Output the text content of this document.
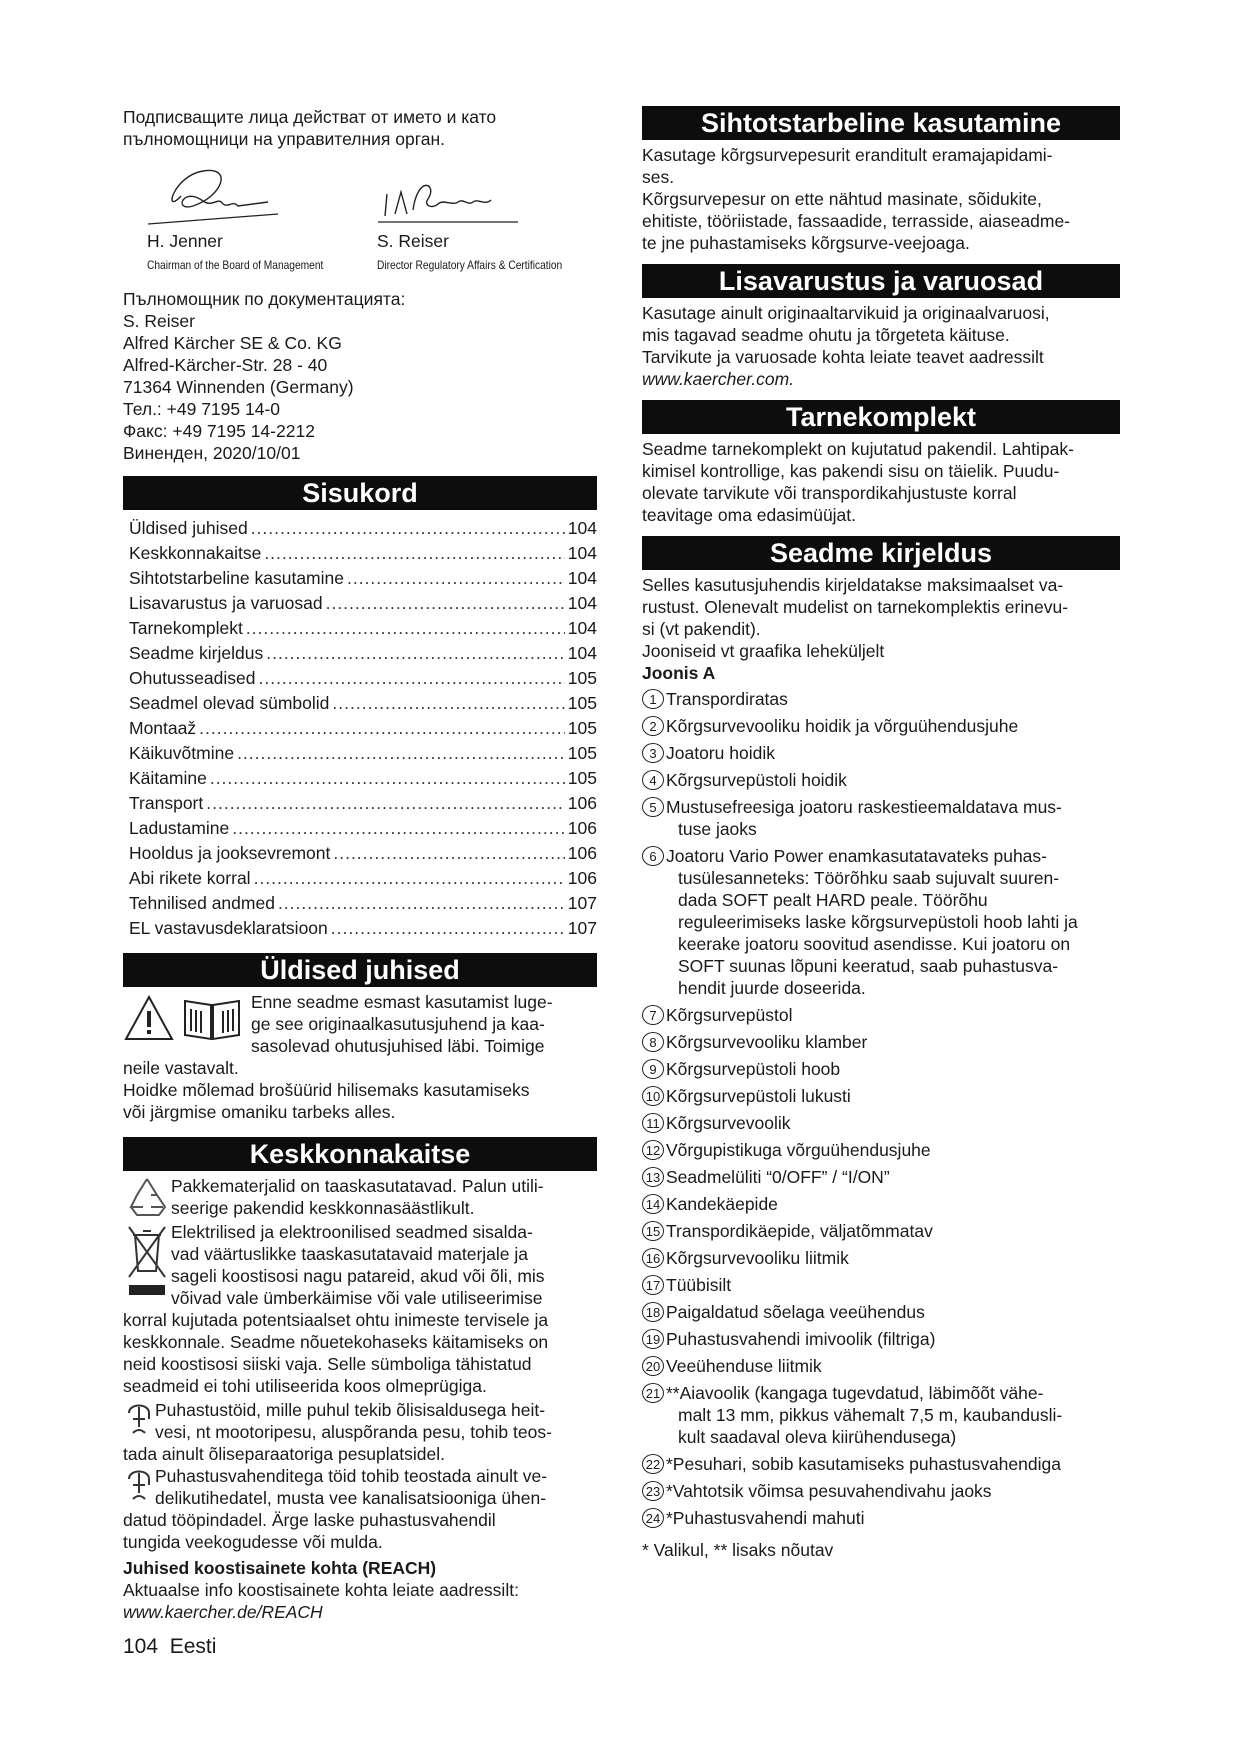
Подписващите лица действат от името и като

пълномощници на управителния орган.

H. Jenner
Chairman of the Board of Management
S. Reiser
Director Regulatory Affairs & Certification

Пълномощник по документацията:

S. Reiser

Alfred Kärcher SE & Co. KG

Alfred-Kärcher-Str. 28 - 40

71364 Winnenden (Germany)

Тел.: +49 7195 14-0

Факс: +49 7195 14-2212

Виненден, 2020/10/01

Sisukord
Üldised juhised .....	104
Keskkonnakaitse .....	104
Sihtotstarbeline kasutamine .....	104
Lisavarustus ja varuosad .....	104
Tarnekomplekt .....	104
Seadme kirjeldus .....	104
Ohutusseadised .....	105
Seadmel olevad sümbolid .....	105
Montaaž .....	105
Käikuvõtmine .....	105
Käitamine .....	105
Transport .....	106
Ladustamine .....	106
Hooldus ja jooksevremont .....	106
Abi rikete korral .....	106
Tehnilised andmed .....	107
EL vastavusdeklaratsioon .....	107
Üldised juhised

Enne seadme esmast kasutamist luge-

ge see originaalkasutusjuhend ja kaa-

sasolevad ohutusjuhised läbi. Toimige

neile vastavalt.

Hoidke mõlemad brošüürid hilisemaks kasutamiseks

või järgmise omaniku tarbeks alles.

Keskkonnakaitse

Pakkematerjalid on taaskasutatavad. Palun utili-

seerige pakendid keskkonnasäästlikult.

Elektrilised ja elektroonilised seadmed sisalda-

vad väärtuslikke taaskasutatavaid materjale ja

sageli koostisosi nagu patareid, akud või õli, mis

võivad vale ümberkäimise või vale utiliseerimise

korral kujutada potentsiaalset ohtu inimeste tervisele ja

keskkonnale. Seadme nõuetekohaseks käitamiseks on

neid koostisosi siiski vaja. Selle sümboliga tähistatud

seadmeid ei tohi utiliseerida koos olmeprügiga.

Puhastustöid, mille puhul tekib õlisisaldusega heit-

vesi, nt mootoripesu, aluspõranda pesu, tohib teos-

tada ainult õliseparaatoriga pesuplatsidel.

Puhastusvahenditega töid tohib teostada ainult ve-

delikutihedatel, musta vee kanalisatsiooniga ühen-

datud tööpindadel. Ärge laske puhastusvahendil

tungida veekogudesse või mulda.

Juhised koostisainete kohta (REACH)

Aktuaalse info koostisainete kohta leiate aadressilt:

www.kaercher.de/REACH

Sihtotstarbeline kasutamine

Kasutage kõrgsurvepesurit eranditult eramajapidami-

ses.

Kõrgsurvepesur on ette nähtud masinate, sõidukite,

ehitiste, tööriistade, fassaadide, terrasside, aiaseadme-

te jne puhastamiseks kõrgsurve-veejoaga.

Lisavarustus ja varuosad

Kasutage ainult originaaltarvikuid ja originaalvaruosi,

mis tagavad seadme ohutu ja tõrgeteta käituse.

Tarvikute ja varuosade kohta leiate teavet aadressilt

www.kaercher.com.

Tarnekomplekt

Seadme tarnekomplekt on kujutatud pakendil. Lahtipak-

kimisel kontrollige, kas pakendi sisu on täielik. Puudu-

olevate tarvikute või transpordikahjustuste korral

teavitage oma edasimüüjat.

Seadme kirjeldus

Selles kasutusjuhendis kirjeldatakse maksimaalset va-

rustust. Olenevalt mudelist on tarnekomplektis erinevu-

si (vt pakendit).

Jooniseid vt graafika leheküljelt

Joonis A

1 Transpordiratas
2 Kõrgsurvevooliku hoidik ja võrguühendusjuhe
3 Joatoru hoidik
4 Kõrgsurvepüstoli hoidik
5 Mustusefreesiga joatoru raskestieemaldatava mus-
tuse jaoks
6 Joatoru Vario Power enamkasutatavateks puhas-
tusülesanneteks: Töörõhku saab sujuvalt suuren-
dada SOFT pealt HARD peale. Töörõhu
reguleerimiseks laske kõrgsurvepüstoli hoob lahti ja
keerake joatoru soovitud asendisse. Kui joatoru on
SOFT suunas lõpuni keeratud, saab puhastusva-
hendit juurde doseerida.
7 Kõrgsurvepüstol
8 Kõrgsurvevooliku klamber
9 Kõrgsurvepüstoli hoob
10 Kõrgsurvepüstoli lukusti
11 Kõrgsurvevoolik
12 Võrgupistikuga võrguühendusjuhe
13 Seadmelüliti “0/OFF” / “I/ON”
14 Kandekäepide
15 Transpordikäepide, väljatõmmatav
16 Kõrgsurvevooliku liitmik
17 Tüübisilt
18 Paigaldatud sõelaga veeühendus
19 Puhastusvahendi imivoolik (filtriga)
20 Veeühenduse liitmik
21 **Aiavoolik (kangaga tugevdatud, läbimõõt vähe-
malt 13 mm, pikkus vähemalt 7,5 m, kaubandusli-
kult saadaval oleva kiirühendusega)
22 *Pesuhari, sobib kasutamiseks puhastusvahendiga
23 *Vahtotsik võimsa pesuvahendivahu jaoks
24 *Puhastusvahendi mahuti

* Valikul, ** lisaks nõutav

104 Eesti
